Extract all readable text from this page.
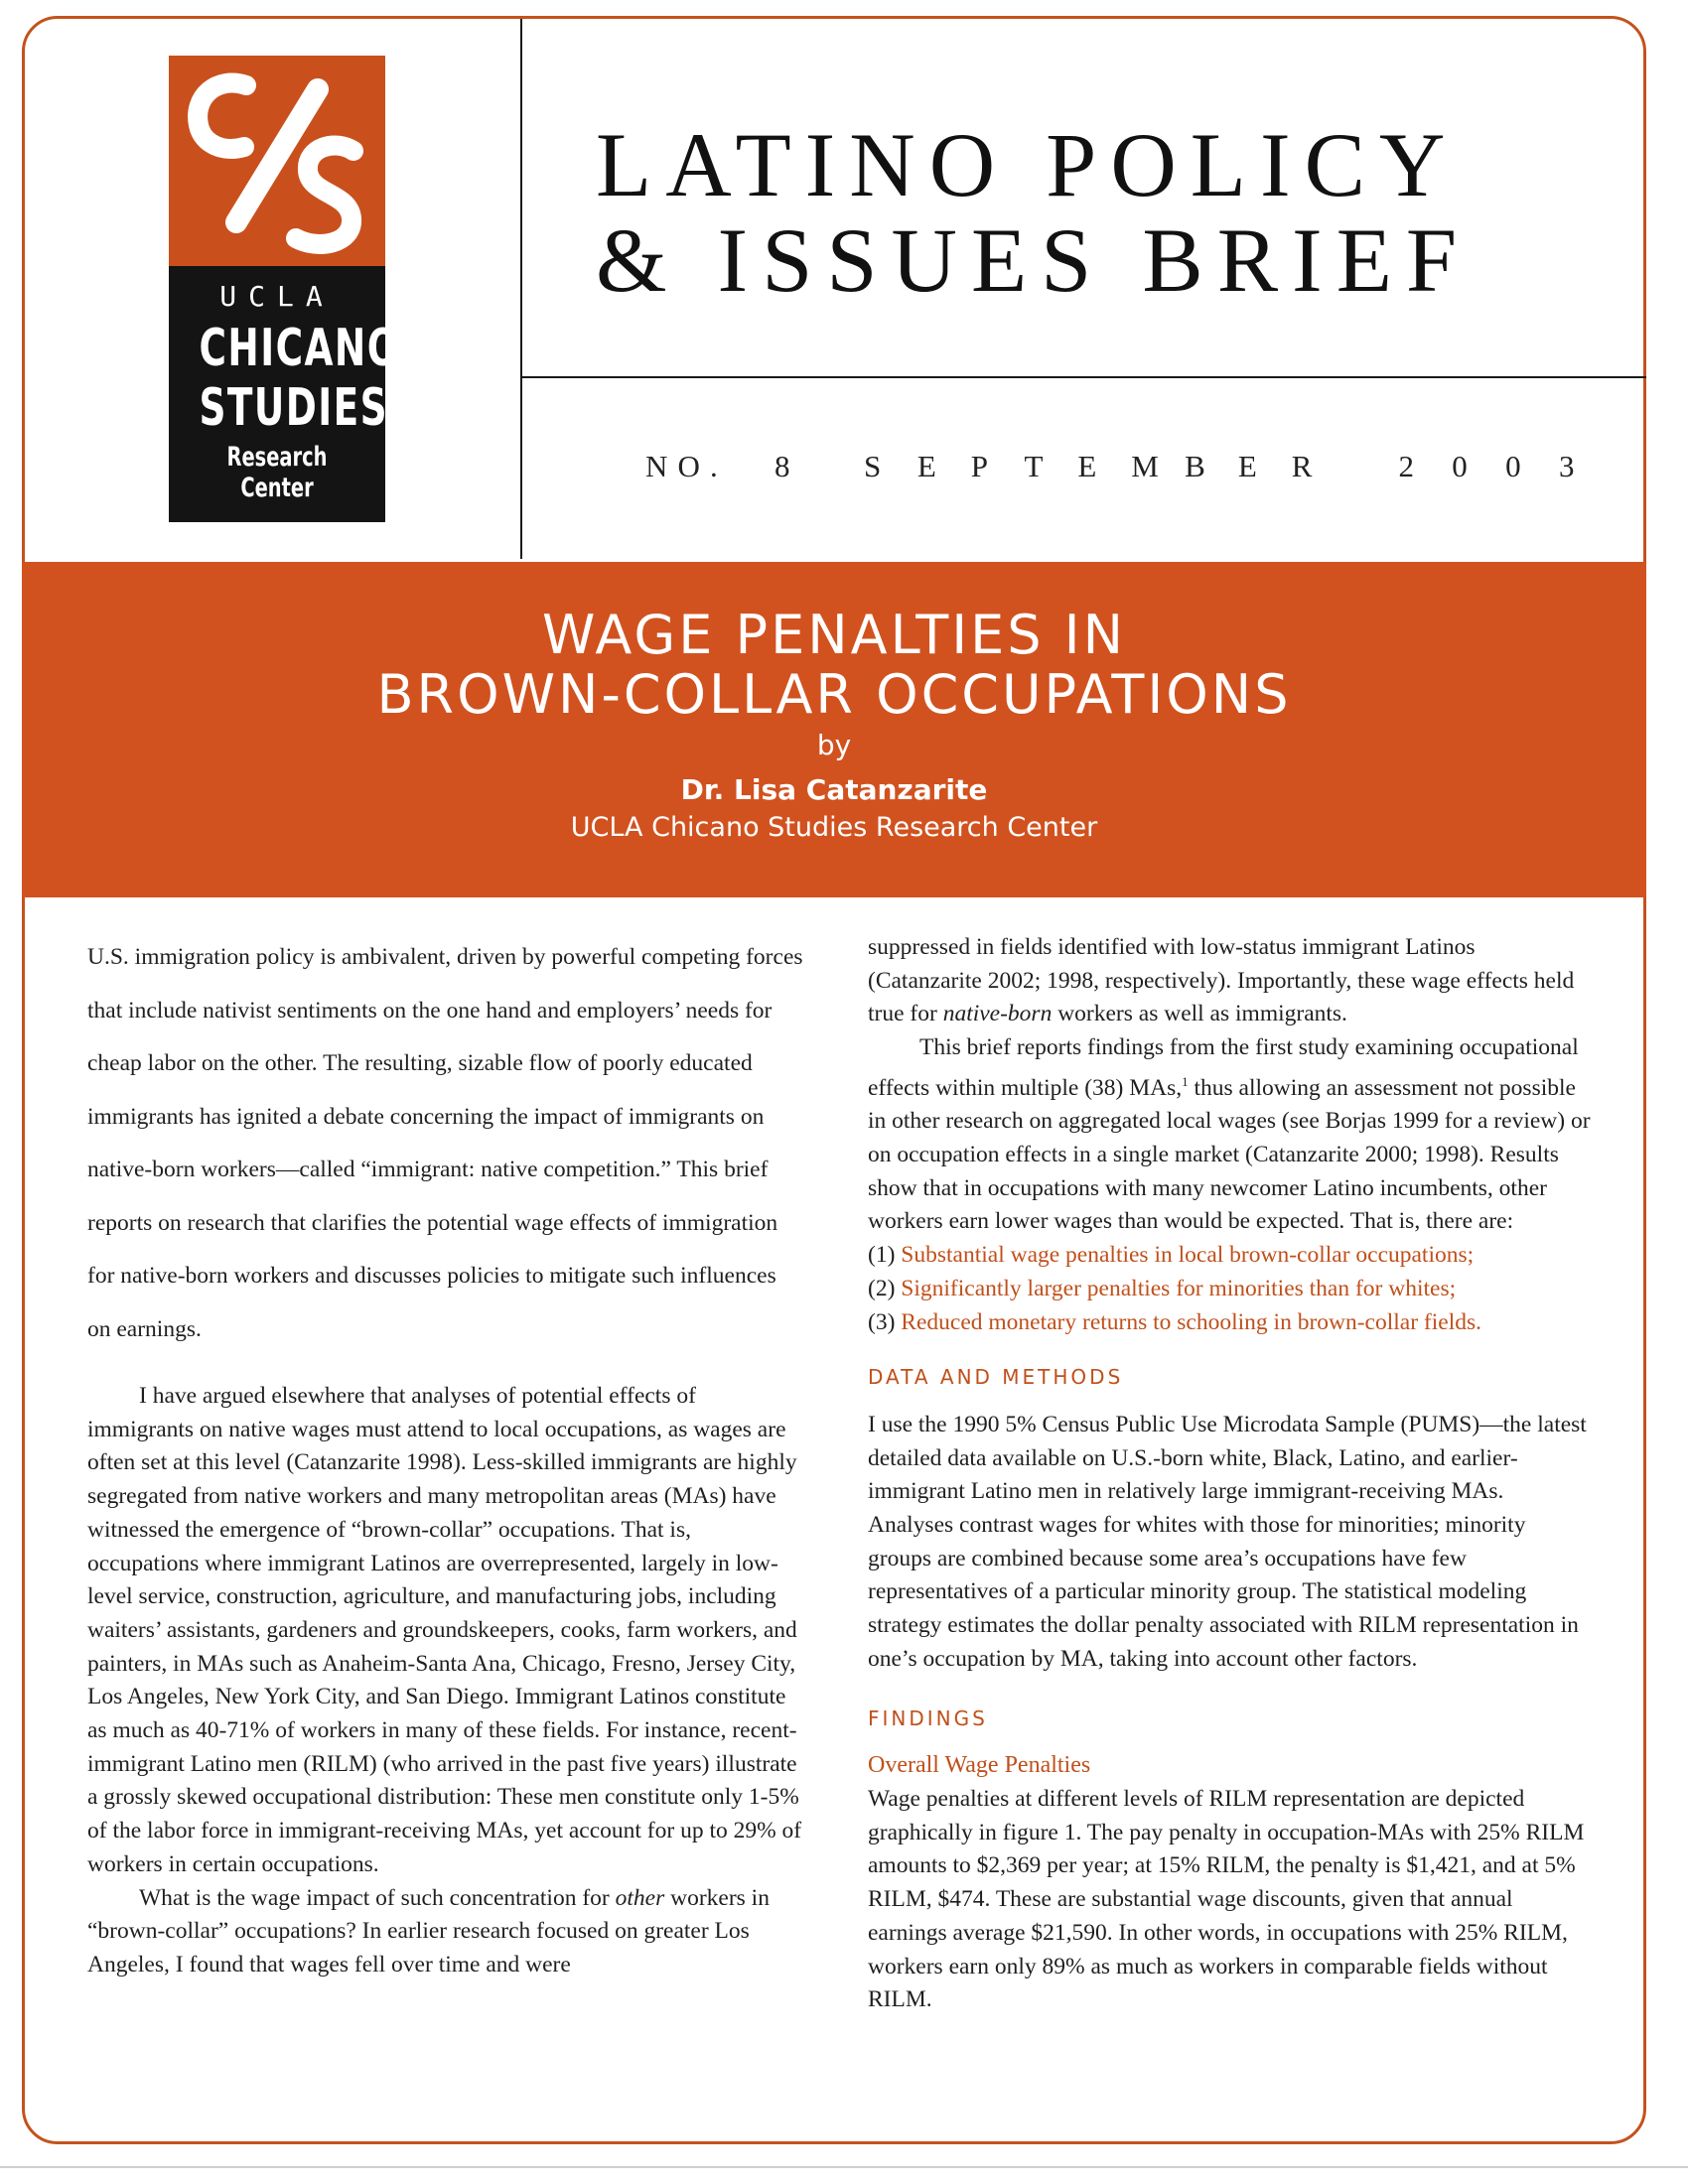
UCLA
CHICANO
STUDIES
Research Center
LATINO POLICY
& ISSUES BRIEF
N O . 8 S E P T E M B E R	2 0 0 3
WAGE PENALTIES IN
BROWN-COLLAR OCCUPATIONS
by
Dr. Lisa Catanzarite
UCLA Chicano Studies Research Center

U.S. immigration policy is ambivalent, driven by powerful competing forces that include nativist sentiments on the one hand and employers’ needs for cheap labor on the other. The resulting, sizable flow of poorly educated immigrants has ignited a debate concerning the impact of immigrants on native-born workers—called “immigrant: native competition.” This brief reports on research that clarifies the potential wage effects of immigration for native-born workers and discusses policies to mitigate such influences on earnings.

I have argued elsewhere that analyses of potential effects of immigrants on native wages must attend to local occupations, as wages are often set at this level (Catanzarite 1998). Less-skilled immigrants are highly segregated from native workers and many metropolitan areas (MAs) have witnessed the emergence of “brown-collar” occupations. That is, occupations where immigrant Latinos are overrepresented, largely in low-level service, construction, agriculture, and manufacturing jobs, including waiters’ assistants, gardeners and groundskeepers, cooks, farm workers, and painters, in MAs such as Anaheim-Santa Ana, Chicago, Fresno, Jersey City, Los Angeles, New York City, and San Diego. Immigrant Latinos constitute as much as 40-71% of workers in many of these fields. For instance, recent-immigrant Latino men (RILM) (who arrived in the past five years) illustrate a grossly skewed occupational distribution: These men constitute only 1-5% of the labor force in immigrant-receiving MAs, yet account for up to 29% of workers in certain occupations.

What is the wage impact of such concentration for other workers in “brown-collar” occupations? In earlier research focused on greater Los Angeles, I found that wages fell over time and were

suppressed in fields identified with low-status immigrant Latinos (Catanzarite 2002; 1998, respectively). Importantly, these wage effects held true for native-born workers as well as immigrants.

This brief reports findings from the first study examining occupational effects within multiple (38) MAs,$^1$ thus allowing an assessment not possible in other research on aggregated local wages (see Borjas 1999 for a review) or on occupation effects in a single market (Catanzarite 2000; 1998). Results show that in occupations with many newcomer Latino incumbents, other workers earn lower wages than would be expected. That is, there are:

(1) Substantial wage penalties in local brown-collar occupations;

(2) Significantly larger penalties for minorities than for whites;

(3) Reduced monetary returns to schooling in brown-collar fields.

DATA AND METHODS

I use the 1990 5% Census Public Use Microdata Sample (PUMS)—the latest detailed data available on U.S.-born white, Black, Latino, and earlier-immigrant Latino men in relatively large immigrant-receiving MAs. Analyses contrast wages for whites with those for minorities; minority groups are combined because some area’s occupations have few representatives of a particular minority group. The statistical modeling strategy estimates the dollar penalty associated with RILM representation in one’s occupation by MA, taking into account other factors.

FINDINGS

Overall Wage Penalties

Wage penalties at different levels of RILM representation are depicted graphically in figure 1. The pay penalty in occupation-MAs with 25% RILM amounts to $2,369 per year; at 15% RILM, the penalty is $1,421, and at 5% RILM, $474. These are substantial wage discounts, given that annual earnings average $21,590. In other words, in occupations with 25% RILM, workers earn only 89% as much as workers in comparable fields without RILM.
